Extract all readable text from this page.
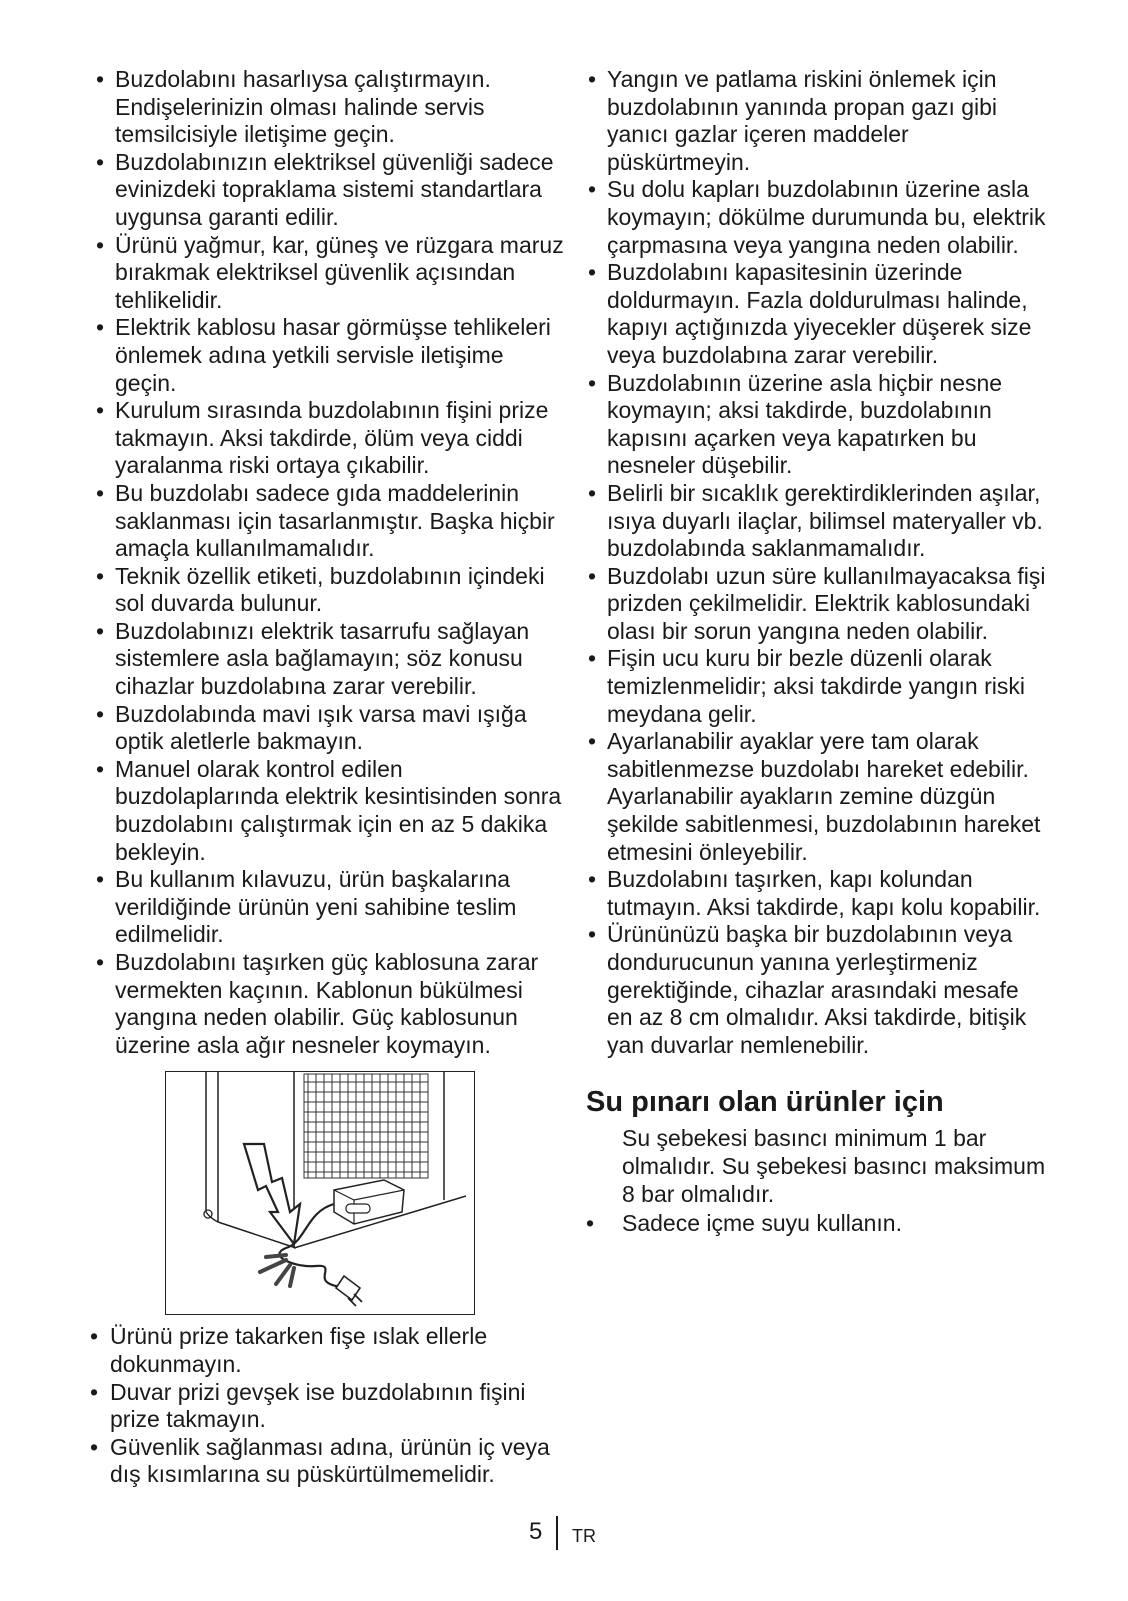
• Buzdolabını hasarlıysa çalıştırmayın. Endişelerinizin olması halinde servis temsilcisiyle iletişime geçin.
• Buzdolabınızın elektriksel güvenliği sadece evinizdeki topraklama sistemi standartlara uygunsa garanti edilir.
• Ürünü yağmur, kar, güneş ve rüzgara maruz bırakmak elektriksel güvenlik açısından tehlikelidir.
• Elektrik kablosu hasar görmüşse tehlikeleri önlemek adına yetkili servisle iletişime geçin.
• Kurulum sırasında buzdolabının fişini prize takmayın. Aksi takdirde, ölüm veya ciddi yaralanma riski ortaya çıkabilir.
• Bu buzdolabı sadece gıda maddelerinin saklanması için tasarlanmıştır. Başka hiçbir amaçla kullanılmamalıdır.
• Teknik özellik etiketi, buzdolabının içindeki sol duvarda bulunur.
• Buzdolabınızı elektrik tasarrufu sağlayan sistemlere asla bağlamayın; söz konusu cihazlar buzdolabına zarar verebilir.
• Buzdolabında mavi ışık varsa mavi ışığa optik aletlerle bakmayın.
• Manuel olarak kontrol edilen buzdolaplarında elektrik kesintisinden sonra buzdolabını çalıştırmak için en az 5 dakika bekleyin.
• Bu kullanım kılavuzu, ürün başkalarına verildiğinde ürünün yeni sahibine teslim edilmelidir.
• Buzdolabını taşırken güç kablosuna zarar vermekten kaçının. Kablonun bükülmesi yangına neden olabilir. Güç kablosunun üzerine asla ağır nesneler koymayın.
• Ürünü prize takarken fişe ıslak ellerle dokunmayın.
• Duvar prizi gevşek ise buzdolabının fişini prize takmayın.
• Güvenlik sağlanması adına, ürünün iç veya dış kısımlarına su püskürtülmemelidir.
• Yangın ve patlama riskini önlemek için buzdolabının yanında propan gazı gibi yanıcı gazlar içeren maddeler püskürtmeyin.
• Su dolu kapları buzdolabının üzerine asla koymayın; dökülme durumunda bu, elektrik çarpmasına veya yangına neden olabilir.
• Buzdolabını kapasitesinin üzerinde doldurmayın. Fazla doldurulması halinde, kapıyı açtığınızda yiyecekler düşerek size veya buzdolabına zarar verebilir.
• Buzdolabının üzerine asla hiçbir nesne koymayın; aksi takdirde, buzdolabının kapısını açarken veya kapatırken bu nesneler düşebilir.
• Belirli bir sıcaklık gerektirdiklerinden aşılar, ısıya duyarlı ilaçlar, bilimsel materyaller vb. buzdolabında saklanmamalıdır.
• Buzdolabı uzun süre kullanılmayacaksa fişi prizden çekilmelidir. Elektrik kablosundaki olası bir sorun yangına neden olabilir.
• Fişin ucu kuru bir bezle düzenli olarak temizlenmelidir; aksi takdirde yangın riski meydana gelir.
• Ayarlanabilir ayaklar yere tam olarak sabitlenmezse buzdolabı hareket edebilir. Ayarlanabilir ayakların zemine düzgün şekilde sabitlenmesi, buzdolabının hareket etmesini önleyebilir.
• Buzdolabını taşırken, kapı kolundan tutmayın. Aksi takdirde, kapı kolu kopabilir.
• Ürününüzü başka bir buzdolabının veya dondurucunun yanına yerleştirmeniz gerektiğinde, cihazlar arasındaki mesafe en az 8 cm olmalıdır. Aksi takdirde, bitişik yan duvarlar nemlenebilir.
Su pınarı olan ürünler için

Su şebekesi basıncı minimum 1 bar olmalıdır. Su şebekesi basıncı maksimum 8 bar olmalıdır.

• Sadece içme suyu kullanın.
5 TR
